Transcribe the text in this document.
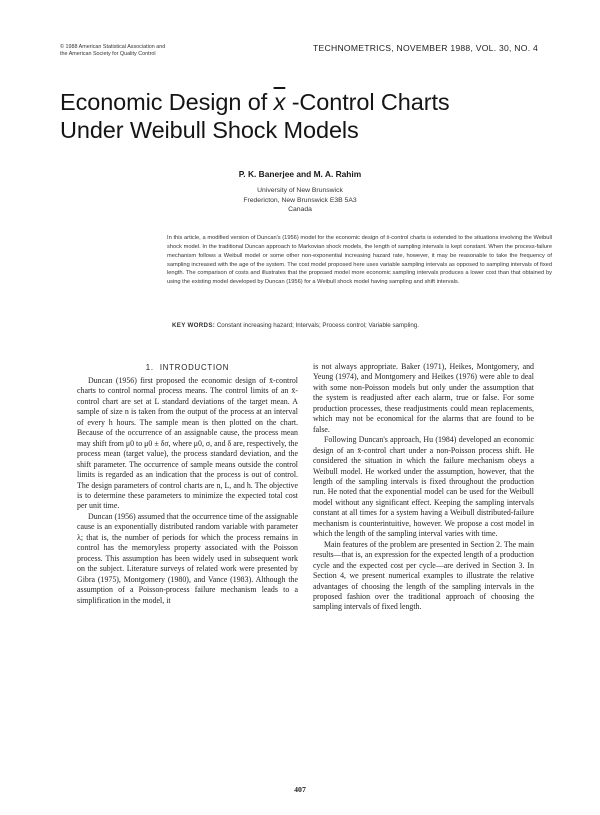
© 1988 American Statistical Association and
the American Society for Quality Control
TECHNOMETRICS, NOVEMBER 1988, VOL. 30, NO. 4
Economic Design of $\overline{x}$ -Control Charts
Under Weibull Shock Models
P. K. Banerjee and M. A. Rahim
University of New Brunswick
Fredericton, New Brunswick E3B 5A3
Canada
In this article, a modified version of Duncan's (1956) model for the economic design of x̄-control charts is extended to the situations involving the Weibull shock model. In the traditional Duncan approach to Markovian shock models, the length of sampling intervals is kept constant. When the process-failure mechanism follows a Weibull model or some other non-exponential increasing hazard rate, however, it may be reasonable to take the frequency of sampling increased with the age of the system. The cost model proposed here uses variable sampling intervals as opposed to sampling intervals of fixed length. The comparison of costs and illustrates that the proposed model more economic sampling intervals produces a lower cost than that obtained by using the existing model developed by Duncan (1956) for a Weibull shock model having sampling and shift intervals.
KEY WORDS: Constant increasing hazard; Intervals; Process control; Variable sampling.
1. INTRODUCTION

Duncan (1956) first proposed the economic design of x̄-control charts to control normal process means. The control limits of an x̄-control chart are set at L standard deviations of the target mean. A sample of size n is taken from the output of the process at an interval of every h hours. The sample mean is then plotted on the chart. Because of the occurrence of an assignable cause, the process mean may shift from μ0 to μ0 ± δσ, where μ0, σ, and δ are, respectively, the process mean (target value), the process standard deviation, and the shift parameter. The occurrence of sample means outside the control limits is regarded as an indication that the process is out of control. The design parameters of control charts are n, L, and h. The objective is to determine these parameters to minimize the expected total cost per unit time.

Duncan (1956) assumed that the occurrence time of the assignable cause is an exponentially distributed random variable with parameter λ; that is, the number of periods for which the process remains in control has the memoryless property associated with the Poisson process. This assumption has been widely used in subsequent work on the subject. Literature surveys of related work were presented by Gibra (1975), Montgomery (1980), and Vance (1983). Although the assumption of a Poisson-process failure mechanism leads to a simplification in the model, it

is not always appropriate. Baker (1971), Heikes, Montgomery, and Yeung (1974), and Montgomery and Heikes (1976) were able to deal with some non-Poisson models but only under the assumption that the system is readjusted after each alarm, true or false. For some production processes, these readjustments could mean replacements, which may not be economical for the alarms that are found to be false.

Following Duncan's approach, Hu (1984) developed an economic design of an x̄-control chart under a non-Poisson process shift. He considered the situation in which the failure mechanism obeys a Weibull model. He worked under the assumption, however, that the length of the sampling intervals is fixed throughout the production run. He noted that the exponential model can be used for the Weibull model without any significant effect. Keeping the sampling intervals constant at all times for a system having a Weibull distributed-failure mechanism is counterintuitive, however. We propose a cost model in which the length of the sampling interval varies with time.

Main features of the problem are presented in Section 2. The main results—that is, an expression for the expected length of a production cycle and the expected cost per cycle—are derived in Section 3. In Section 4, we present numerical examples to illustrate the relative advantages of choosing the length of the sampling intervals in the proposed fashion over the traditional approach of choosing the sampling intervals of fixed length.

407
